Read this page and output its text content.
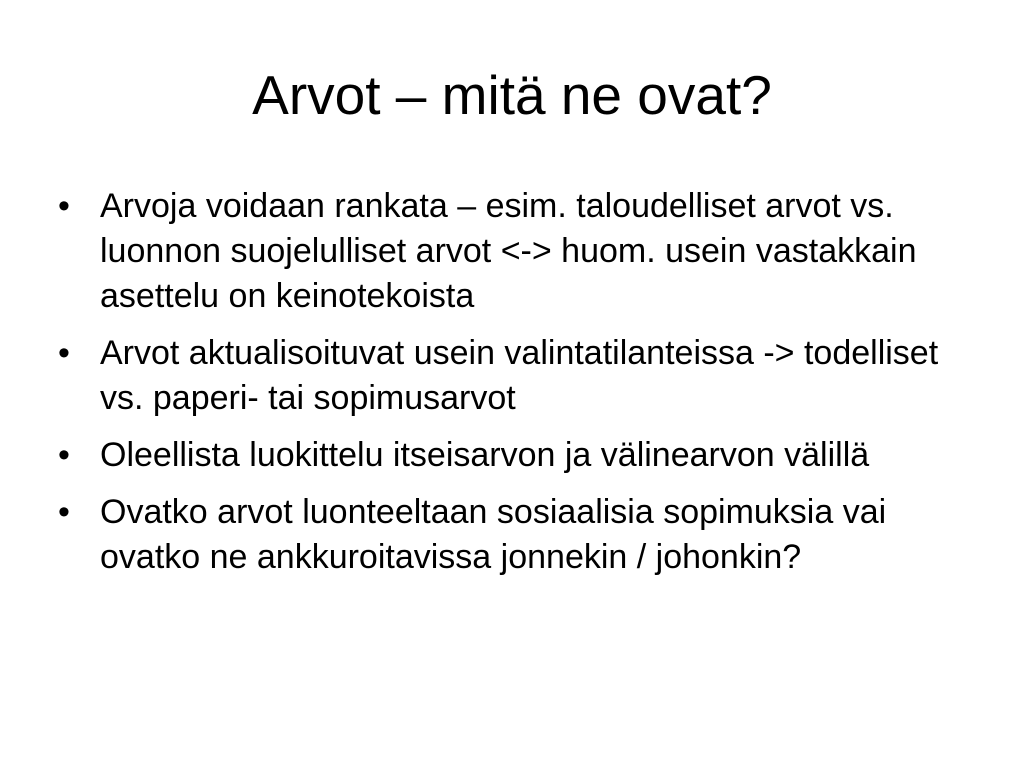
Arvot – mitä ne ovat?
• Arvoja voidaan rankata – esim. taloudelliset arvot vs. luonnon suojelulliset arvot <-> huom. usein vastakkain asettelu on keinotekoista
• Arvot aktualisoituvat usein valintatilanteissa -> todelliset vs. paperi- tai sopimusarvot
• Oleellista luokittelu itseisarvon ja välinearvon välillä
• Ovatko arvot luonteeltaan sosiaalisia sopimuksia vai ovatko ne ankkuroitavissa jonnekin / johonkin?
